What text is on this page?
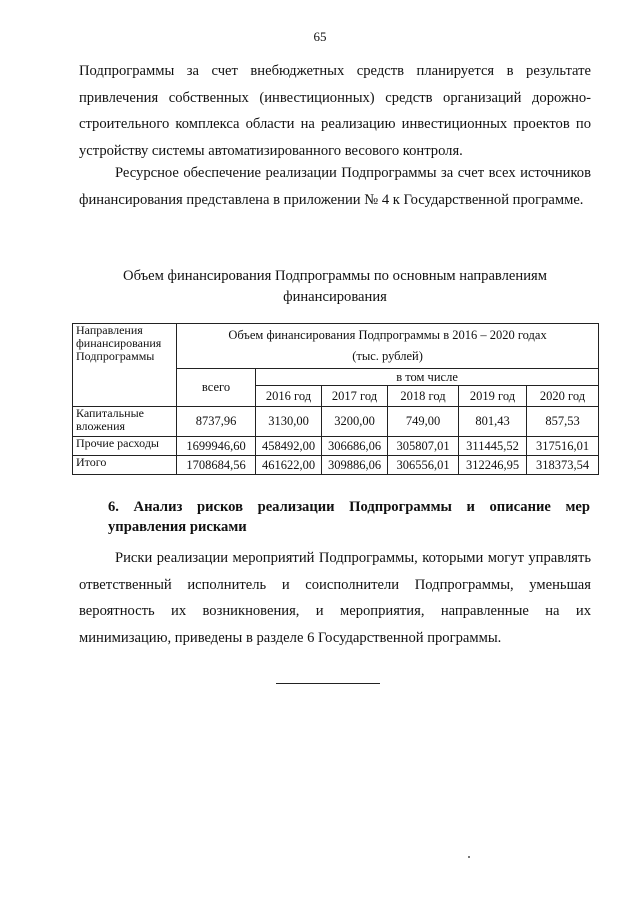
65
Подпрограммы за счет внебюджетных средств планируется в результате привлечения собственных (инвестиционных) средств организаций дорожно-строительного комплекса области на реализацию инвестиционных проектов по устройству системы автоматизированного весового контроля.
Ресурсное обеспечение реализации Подпрограммы за счет всех источников финансирования представлена в приложении № 4 к Государственной программе.
Объем финансирования Подпрограммы по основным направлениям
финансирования
Направления финансирования Подпрограммы	Объем финансирования Подпрограммы в 2016 – 2020 годах
(тыс. рублей)					

	всего	в том числе				
		2016 год	2017 год	2018 год	2019 год	2020 год
Капитальные вложения	8737,96	3130,00	3200,00	749,00	801,43	857,53
Прочие расходы	1699946,60	458492,00	306686,06	305807,01	311445,52	317516,01
Итого	1708684,56	461622,00	309886,06	306556,01	312246,95	318373,54
6. Анализ рисков реализации Подпрограммы и описание мер управления рисками
Риски реализации мероприятий Подпрограммы, которыми могут управлять ответственный исполнитель и соисполнители Подпрограммы, уменьшая вероятность их возникновения, и мероприятия, направленные на их минимизацию, приведены в разделе 6 Государственной программы.
